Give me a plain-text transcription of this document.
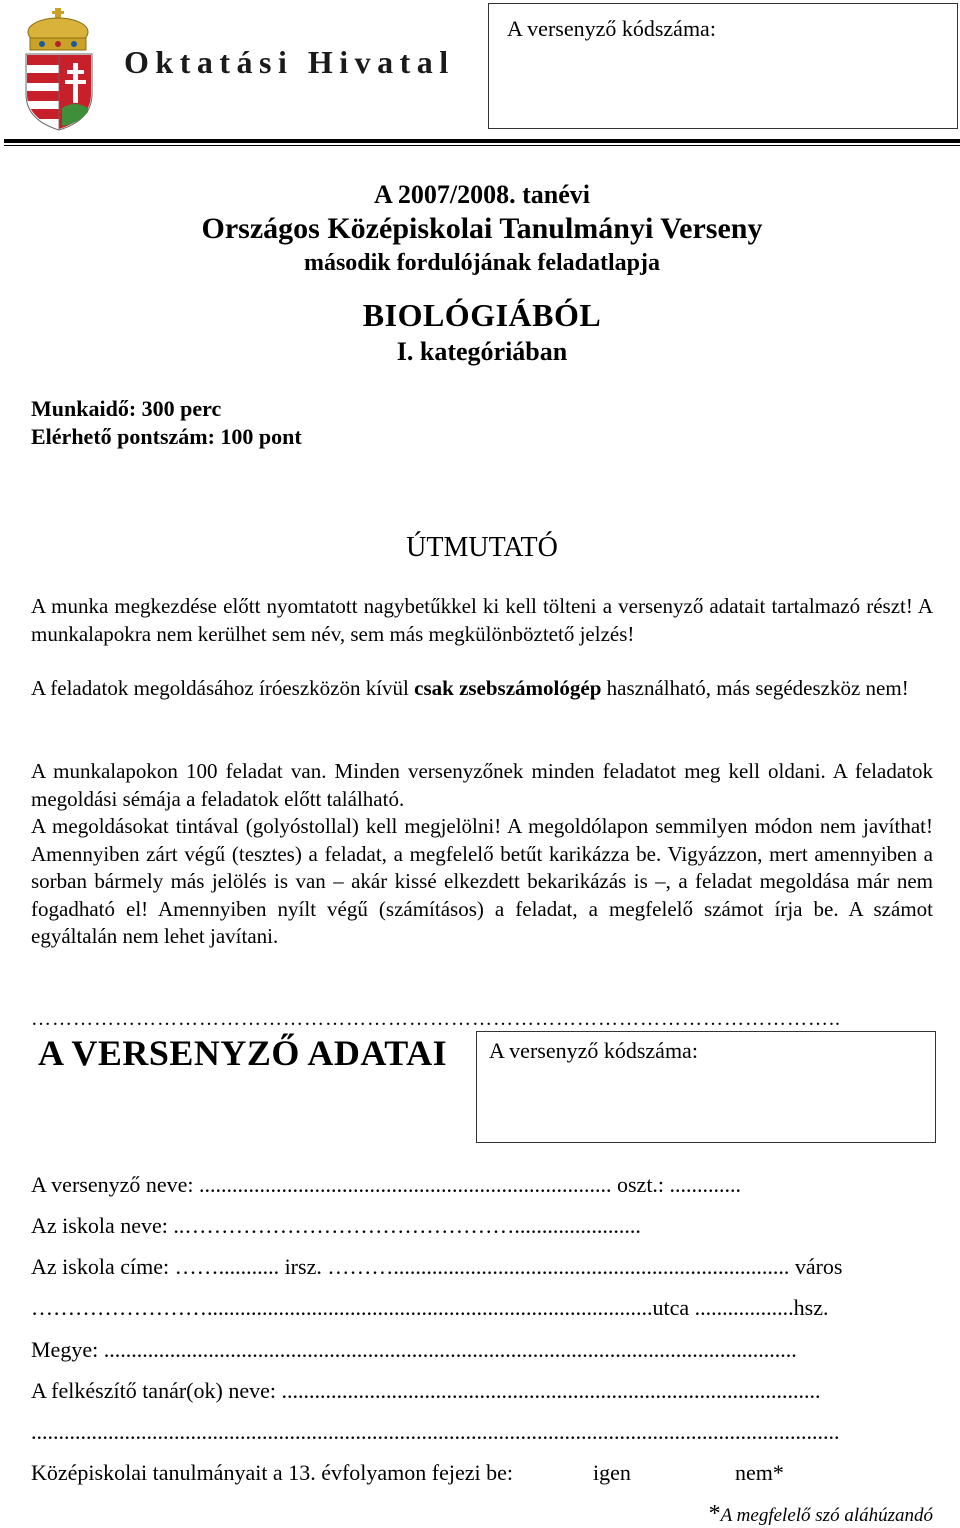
Oktatási Hivatal
A versenyző kódszáma:
A 2007/2008. tanévi
Országos Középiskolai Tanulmányi Verseny
második fordulójának feladatlapja
BIOLÓGIÁBÓL
I. kategóriában
Munkaidő: 300 perc
Elérhető pontszám: 100 pont
ÚTMUTATÓ
A munka megkezdése előtt nyomtatott nagybetűkkel ki kell tölteni a versenyző adatait tartalmazó részt! A munkalapokra nem kerülhet sem név, sem más megkülönböztető jelzés!
A feladatok megoldásához íróeszközön kívül csak zsebszámológép használható, más segédeszköz nem!
A munkalapokon 100 feladat van. Minden versenyzőnek minden feladatot meg kell oldani. A feladatok megoldási sémája a feladatok előtt található.
A megoldásokat tintával (golyóstollal) kell megjelölni! A megoldólapon semmilyen módon nem javíthat! Amennyiben zárt végű (tesztes) a feladat, a megfelelő betűt karikázza be. Vigyázzon, mert amennyiben a sorban bármely más jelölés is van – akár kissé elkezdett bekarikázás is –, a feladat megoldása már nem fogadható el! Amennyiben nyílt végű (számításos) a feladat, a megfelelő számot írja be. A számot egyáltalán nem lehet javítani.
……………………………………………………………………………………………………..
A VERSENYZŐ ADATAI A versenyző kódszáma:
A versenyző neve: ........................................................................... oszt.: .............
Az iskola neve: ..……………………………………….......................
Az iskola címe: ……........... irsz. ………........................................................................ város
…………………….................................................................................utca ..................hsz.
Megye: ..............................................................................................................................
A felkészítő tanár(ok) neve: ..................................................................................................
...................................................................................................................................................
Középiskolai tanulmányait a 13. évfolyamon fejezi be:	igen	nem*
*A megfelelő szó aláhúzandó
